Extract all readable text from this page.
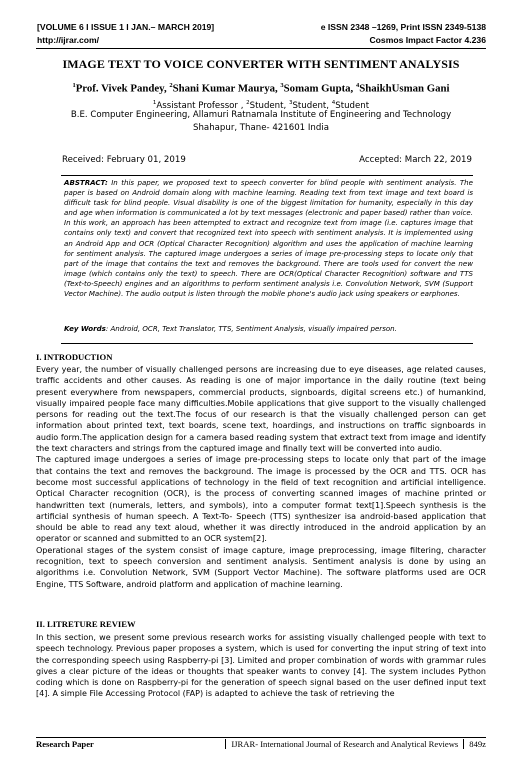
[VOLUME 6 I ISSUE 1 I JAN.– MARCH 2019]	e ISSN 2348 –1269, Print ISSN 2349-5138
http://ijrar.com/	Cosmos Impact Factor 4.236
IMAGE TEXT TO VOICE CONVERTER WITH SENTIMENT ANALYSIS
$^1$Prof. Vivek Pandey, $^2$Shani Kumar Maurya, $^3$Somam Gupta, $^4$ShaikhUsman Gani
$^1$Assistant Professor , $^2$Student, $^3$Student, $^4$Student
B.E. Computer Engineering, Allamuri Ratnamala Institute of Engineering and Technology
Shahapur, Thane- 421601 India
Received: February 01, 2019	Accepted: March 22, 2019
ABSTRACT: In this paper, we proposed text to speech converter for blind people with sentiment analysis. The paper is based on Android domain along with machine learning. Reading text from text image and text board is difficult task for blind people. Visual disability is one of the biggest limitation for humanity, especially in this day and age when information is communicated a lot by text messages (electronic and paper based) rather than voice. In this work, an approach has been attempted to extract and recognize text from image (i.e. captures image that contains only text) and convert that recognized text into speech with sentiment analysis. It is implemented using an Android App and OCR (Optical Character Recognition) algorithm and uses the application of machine learning for sentiment analysis. The captured image undergoes a series of image pre-processing steps to locate only that part of the image that contains the text and removes the background. There are tools used for convert the new image (which contains only the text) to speech. There are OCR(Optical Character Recognition) software and TTS (Text-to-Speech) engines and an algorithms to perform sentiment analysis i.e. Convolution Network, SVM (Support Vector Machine). The audio output is listen through the mobile phone's audio jack using speakers or earphones.
Key Words: Android, OCR, Text Translator, TTS, Sentiment Analysis, visually impaired person.
I. INTRODUCTION

Every year, the number of visually challenged persons are increasing due to eye diseases, age related causes, traffic accidents and other causes. As reading is one of major importance in the daily routine (text being present everywhere from newspapers, commercial products, signboards, digital screens etc.) of humankind, visually impaired people face many difficulties.Mobile applications that give support to the visually challenged persons for reading out the text.The focus of our research is that the visually challenged person can get information about printed text, text boards, scene text, hoardings, and instructions on traffic signboards in audio form.The application design for a camera based reading system that extract text from image and identify the text characters and strings from the captured image and finally text will be converted into audio.

The captured image undergoes a series of image pre-processing steps to locate only that part of the image that contains the text and removes the background. The image is processed by the OCR and TTS. OCR has become most successful applications of technology in the field of text recognition and artificial intelligence. Optical Character recognition (OCR), is the process of converting scanned images of machine printed or handwritten text (numerals, letters, and symbols), into a computer format text[1].Speech synthesis is the artificial synthesis of human speech. A Text-To- Speech (TTS) synthesizer isa android-based application that should be able to read any text aloud, whether it was directly introduced in the android application by an operator or scanned and submitted to an OCR system[2].

Operational stages of the system consist of image capture, image preprocessing, image filtering, character recognition, text to speech conversion and sentiment analysis. Sentiment analysis is done by using an algorithms i.e. Convolution Network, SVM (Support Vector Machine). The software platforms used are OCR Engine, TTS Software, android platform and application of machine learning.

II. LITRETURE REVIEW

In this section, we present some previous research works for assisting visually challenged people with text to speech technology. Previous paper proposes a system, which is used for converting the input string of text into the corresponding speech using Raspberry-pi [3]. Limited and proper combination of words with grammar rules gives a clear picture of the ideas or thoughts that speaker wants to convey [4]. The system includes Python coding which is done on Raspberry-pi for the generation of speech signal based on the user defined input text [4]. A simple File Accessing Protocol (FAP) is adapted to achieve the task of retrieving the

Research Paper	IJRAR- International Journal of Research and Analytical Reviews 849z
